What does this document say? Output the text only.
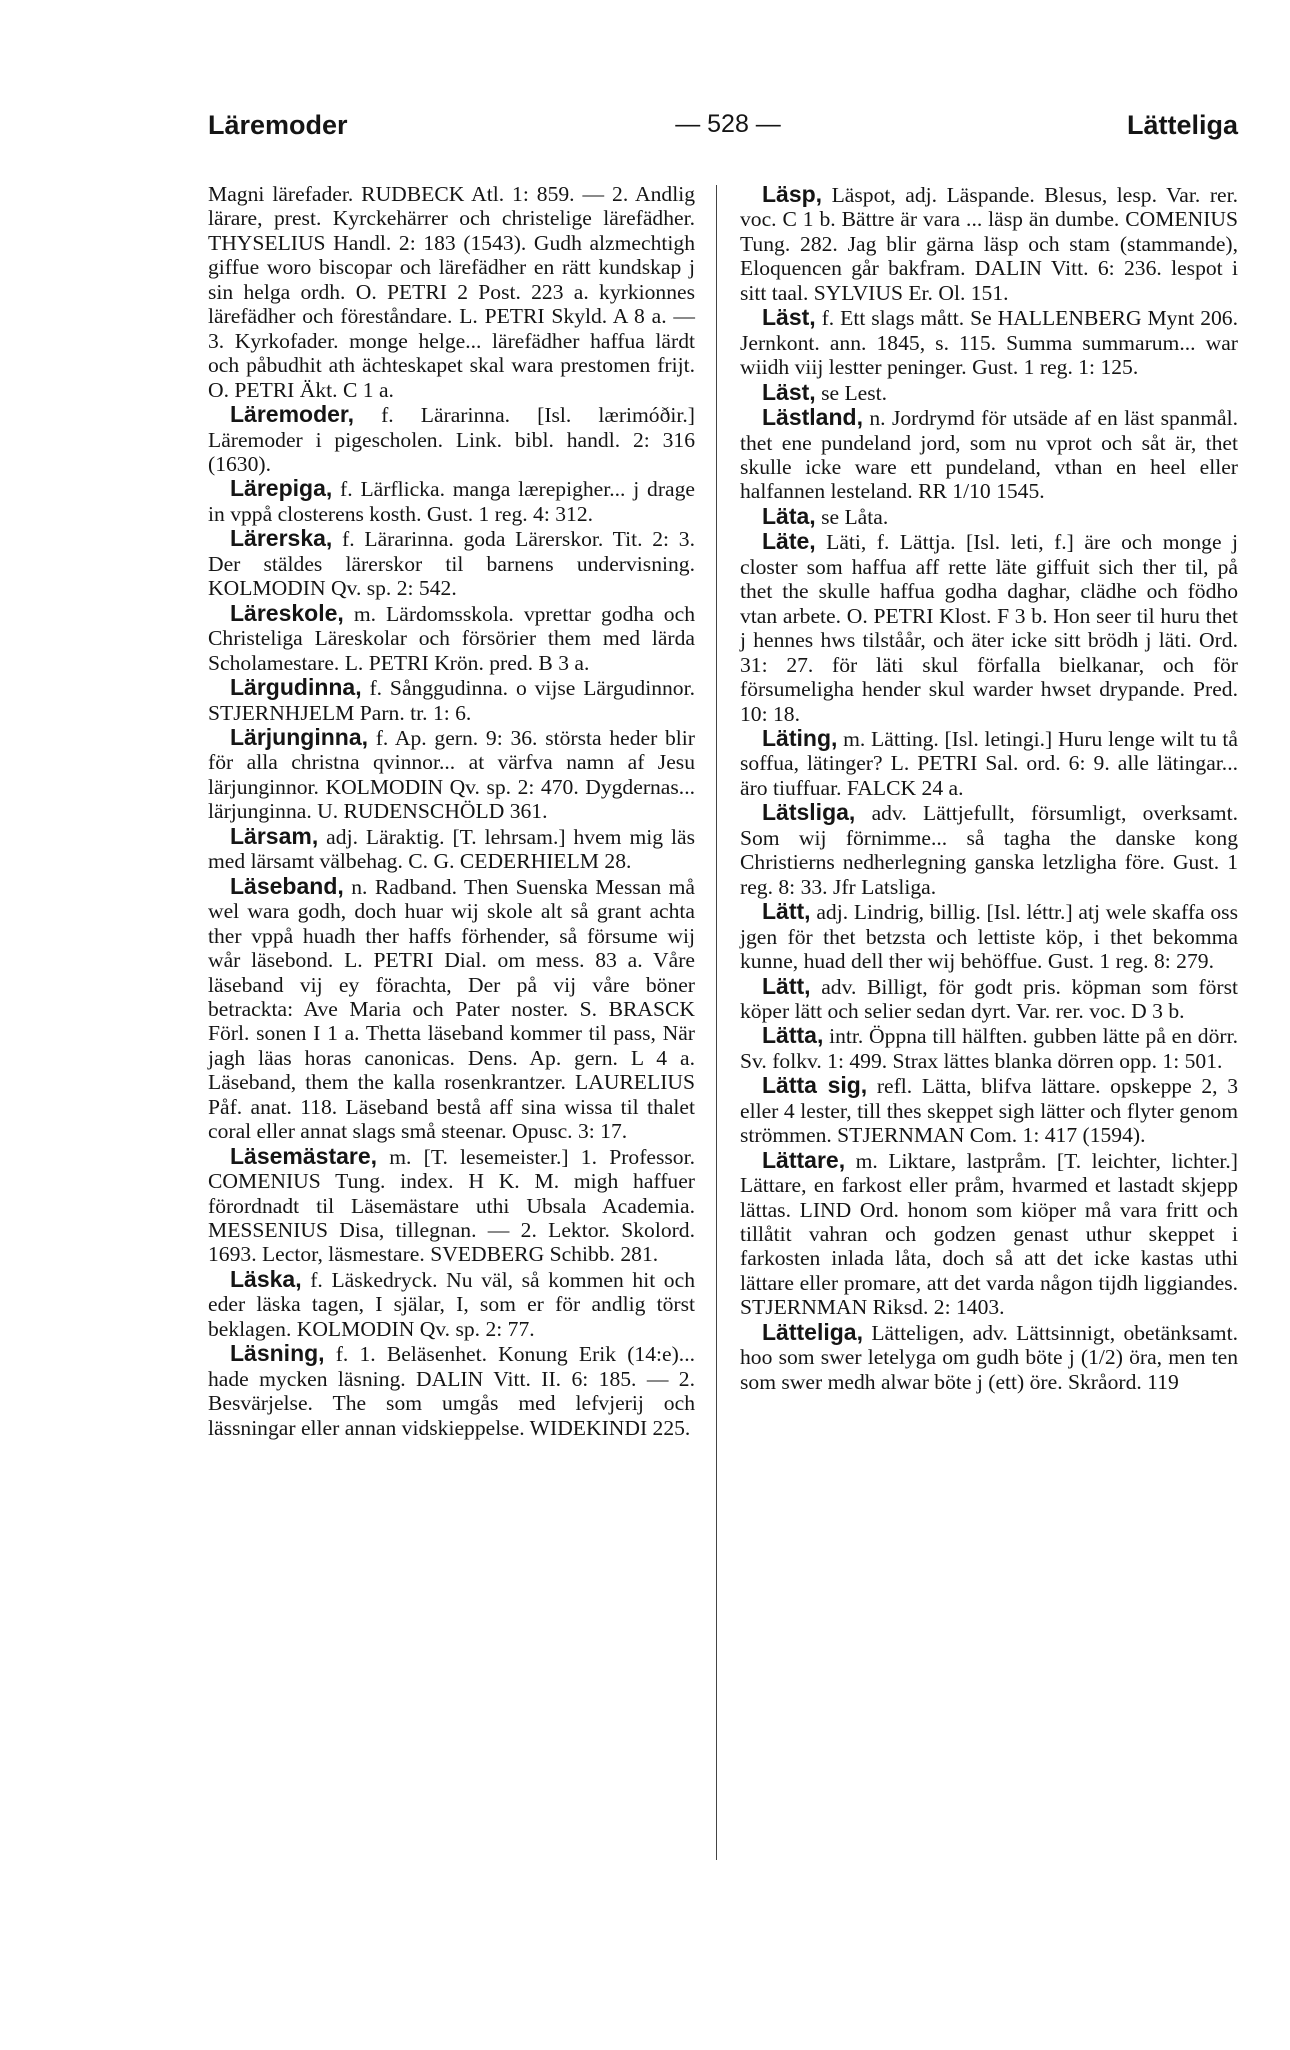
Läremoder	— 528 —	Lätteliga

Magni lärefader. RUDBECK Atl. 1: 859. — 2. Andlig lärare, prest. Kyrckehärrer och christelige lärefädher. THYSELIUS Handl. 2: 183 (1543). Gudh alzmechtigh giffue woro biscopar och lärefädher en rätt kundskap j sin helga ordh. O. PETRI 2 Post. 223 a. kyrkionnes lärefädher och föreståndare. L. PETRI Skyld. A 8 a. — 3. Kyrkofader. monge helge... lärefädher haffua lärdt och påbudhit ath ächteskapet skal wara prestomen frijt. O. PETRI Äkt. C 1 a.

Läremoder, f. Lärarinna. [Isl. lærimóðir.] Läremoder i pigescholen. Link. bibl. handl. 2: 316 (1630).

Lärepiga, f. Lärflicka. manga lærepigher... j drage in vppå closterens kosth. Gust. 1 reg. 4: 312.

Lärerska, f. Lärarinna. goda Lärerskor. Tit. 2: 3. Der stäldes lärerskor til barnens undervisning. KOLMODIN Qv. sp. 2: 542.

Läreskole, m. Lärdomsskola. vprettar godha och Christeliga Läreskolar och försörier them med lärda Scholamestare. L. PETRI Krön. pred. B 3 a.

Lärgudinna, f. Sånggudinna. o vijse Lärgudinnor. STJERNHJELM Parn. tr. 1: 6.

Lärjunginna, f. Ap. gern. 9: 36. största heder blir för alla christna qvinnor... at värfva namn af Jesu lärjunginnor. KOLMODIN Qv. sp. 2: 470. Dygdernas... lärjunginna. U. RUDENSCHÖLD 361.

Lärsam, adj. Läraktig. [T. lehrsam.] hvem mig läs med lärsamt välbehag. C. G. CEDERHIELM 28.

Läseband, n. Radband. Then Suenska Messan må wel wara godh, doch huar wij skole alt så grant achta ther vppå huadh ther haffs förhender, så försume wij wår läsebond. L. PETRI Dial. om mess. 83 a. Våre läseband vij ey förachta, Der på vij våre böner betrackta: Ave Maria och Pater noster. S. BRASCK Förl. sonen I 1 a. Thetta läseband kommer til pass, När jagh läas horas canonicas. Dens. Ap. gern. L 4 a. Läseband, them the kalla rosenkrantzer. LAURELIUS Påf. anat. 118. Läseband bestå aff sina wissa til thalet coral eller annat slags små steenar. Opusc. 3: 17.

Läsemästare, m. [T. lesemeister.] 1. Professor. COMENIUS Tung. index. H K. M. migh haffuer förordnadt til Läsemästare uthi Ubsala Academia. MESSENIUS Disa, tillegnan. — 2. Lektor. Skolord. 1693. Lector, läsmestare. SVEDBERG Schibb. 281.

Läska, f. Läskedryck. Nu väl, så kommen hit och eder läska tagen, I själar, I, som er för andlig törst beklagen. KOLMODIN Qv. sp. 2: 77.

Läsning, f. 1. Beläsenhet. Konung Erik (14:e)... hade mycken läsning. DALIN Vitt. II. 6: 185. — 2. Besvärjelse. The som umgås med lefvjerij och lässningar eller annan vidskieppelse. WIDEKINDI 225.

Läsp, Läspot, adj. Läspande. Blesus, lesp. Var. rer. voc. C 1 b. Bättre är vara ... läsp än dumbe. COMENIUS Tung. 282. Jag blir gärna läsp och stam (stammande), Eloquencen går bakfram. DALIN Vitt. 6: 236. lespot i sitt taal. SYLVIUS Er. Ol. 151.

Läst, f. Ett slags mått. Se HALLENBERG Mynt 206. Jernkont. ann. 1845, s. 115. Summa summarum... war wiidh viij lestter peninger. Gust. 1 reg. 1: 125.

Läst, se Lest.

Lästland, n. Jordrymd för utsäde af en läst spanmål. thet ene pundeland jord, som nu vprot och såt är, thet skulle icke ware ett pundeland, vthan en heel eller halfannen lesteland. RR 1/10 1545.

Läta, se Låta.

Läte, Läti, f. Lättja. [Isl. leti, f.] äre och monge j closter som haffua aff rette läte giffuit sich ther til, på thet the skulle haffua godha daghar, clädhe och födho vtan arbete. O. PETRI Klost. F 3 b. Hon seer til huru thet j hennes hws tilståår, och äter icke sitt brödh j läti. Ord. 31: 27. för läti skul förfalla bielkanar, och för försumeligha hender skul warder hwset drypande. Pred. 10: 18.

Läting, m. Lätting. [Isl. letingi.] Huru lenge wilt tu tå soffua, lätinger? L. PETRI Sal. ord. 6: 9. alle lätingar... äro tiuffuar. FALCK 24 a.

Lätsliga, adv. Lättjefullt, försumligt, overksamt. Som wij förnimme... så tagha the danske kong Christierns nedherlegning ganska letzligha före. Gust. 1 reg. 8: 33. Jfr Latsliga.

Lätt, adj. Lindrig, billig. [Isl. léttr.] atj wele skaffa oss jgen för thet betzsta och lettiste köp, i thet bekomma kunne, huad dell ther wij behöffue. Gust. 1 reg. 8: 279.

Lätt, adv. Billigt, för godt pris. köpman som först köper lätt och selier sedan dyrt. Var. rer. voc. D 3 b.

Lätta, intr. Öppna till hälften. gubben lätte på en dörr. Sv. folkv. 1: 499. Strax lättes blanka dörren opp. 1: 501.

Lätta sig, refl. Lätta, blifva lättare. opskeppe 2, 3 eller 4 lester, till thes skeppet sigh lätter och flyter genom strömmen. STJERNMAN Com. 1: 417 (1594).

Lättare, m. Liktare, lastpråm. [T. leichter, lichter.] Lättare, en farkost eller pråm, hvarmed et lastadt skjepp lättas. LIND Ord. honom som kiöper må vara fritt och tillåtit vahran och godzen genast uthur skeppet i farkosten inlada låta, doch så att det icke kastas uthi lättare eller promare, att det varda någon tijdh liggiandes. STJERNMAN Riksd. 2: 1403.

Lätteliga, Lätteligen, adv. Lättsinnigt, obetänksamt. hoo som swer letelyga om gudh böte j (1/2) öra, men ten som swer medh alwar böte j (ett) öre. Skråord. 119
